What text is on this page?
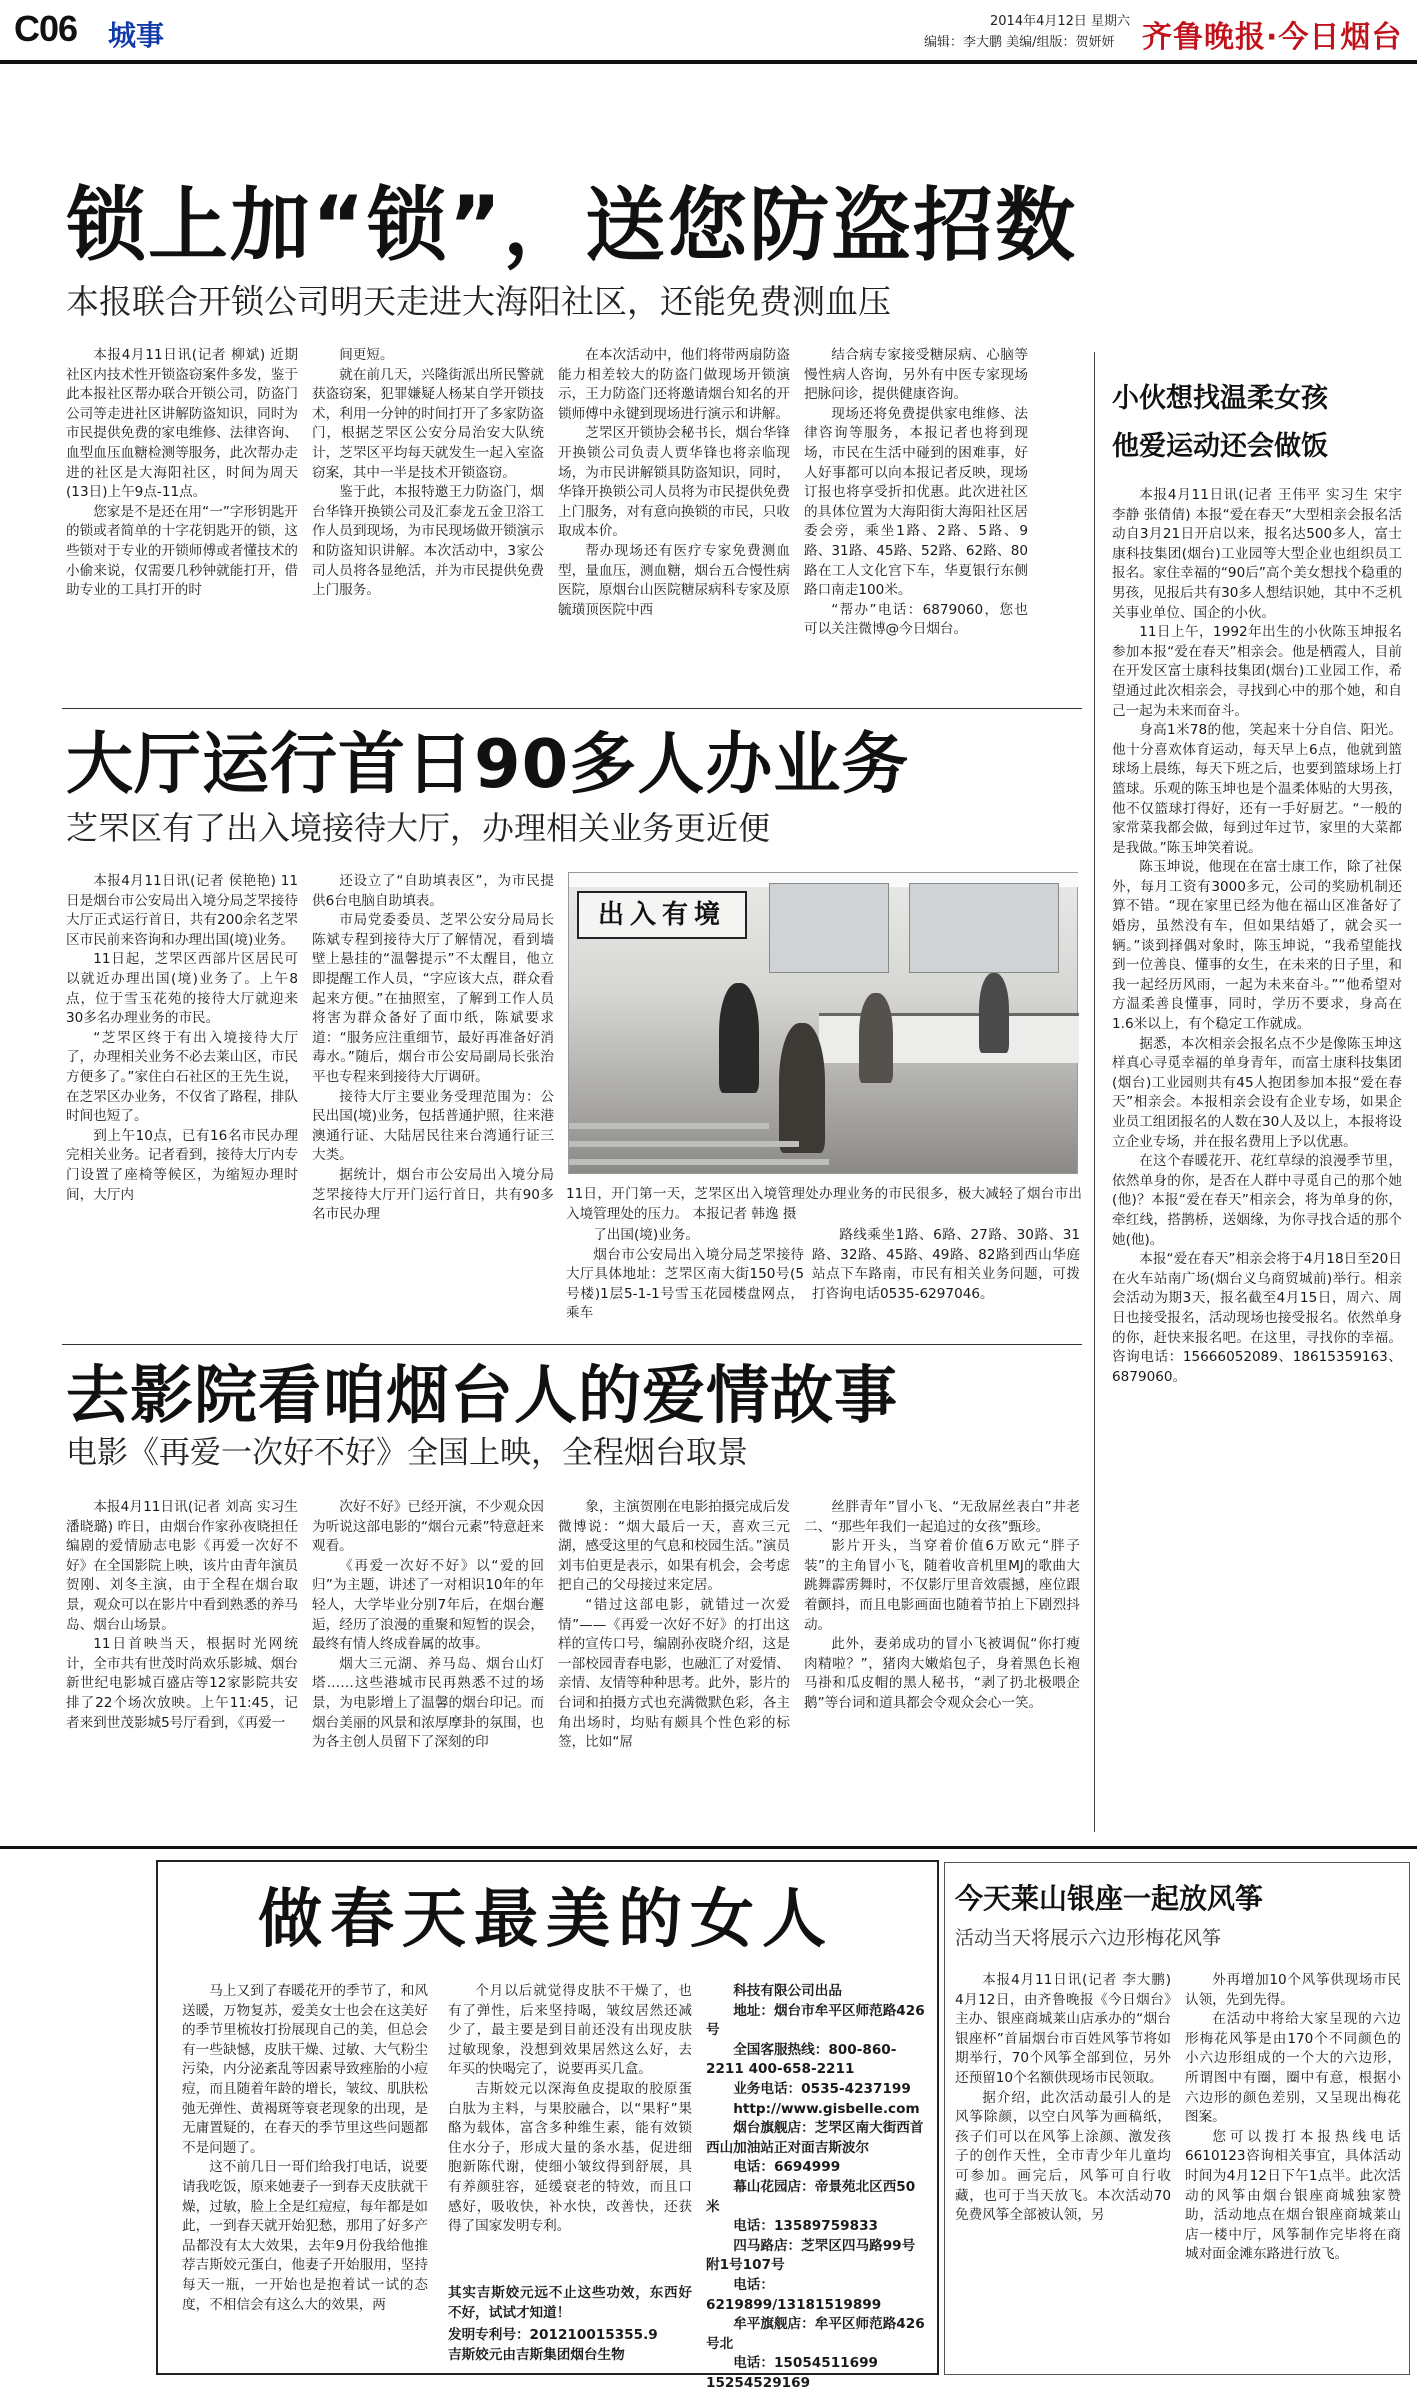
C06 城事	2014年4月12日 星期六
编辑：李大鹏 美编/组版：贺妍妍 齐鲁晚报·今日烟台
锁上加“锁”，送您防盗招数
本报联合开锁公司明天走进大海阳社区，还能免费测血压

本报4月11日讯(记者 柳斌) 近期社区内技术性开锁盗窃案件多发，鉴于此本报社区帮办联合开锁公司，防盗门公司等走进社区讲解防盗知识，同时为市民提供免费的家电维修、法律咨询、血型血压血糖检测等服务，此次帮办走进的社区是大海阳社区，时间为周天(13日)上午9点-11点。

您家是不是还在用“一”字形钥匙开的锁或者简单的十字花钥匙开的锁，这些锁对于专业的开锁师傅或者懂技术的小偷来说，仅需要几秒钟就能打开，借助专业的工具打开的时

间更短。

就在前几天，兴隆街派出所民警就获盗窃案，犯罪嫌疑人杨某自学开锁技术，利用一分钟的时间打开了多家防盗门，根据芝罘区公安分局治安大队统计，芝罘区平均每天就发生一起入室盗窃案，其中一半是技术开锁盗窃。

鉴于此，本报特邀王力防盗门，烟台华锋开换锁公司及汇泰龙五金卫浴工作人员到现场，为市民现场做开锁演示和防盗知识讲解。本次活动中，3家公司人员将各显绝活，并为市民提供免费上门服务。

在本次活动中，他们将带两扇防盗能力相差较大的防盗门做现场开锁演示，王力防盗门还将邀请烟台知名的开锁师傅中永键到现场进行演示和讲解。

芝罘区开锁协会秘书长，烟台华锋开换锁公司负责人贾华锋也将亲临现场，为市民讲解锁具防盗知识，同时，华锋开换锁公司人员将为市民提供免费上门服务，对有意向换锁的市民，只收取成本价。

帮办现场还有医疗专家免费测血型，量血压，测血糖，烟台五合慢性病医院，原烟台山医院糖尿病科专家及原毓璜顶医院中西

结合病专家接受糖尿病、心脑等慢性病人咨询，另外有中医专家现场把脉问诊，提供健康咨询。

现场还将免费提供家电维修、法律咨询等服务，本报记者也将到现场，市民在生活中碰到的困难事，好人好事都可以向本报记者反映，现场订报也将享受折扣优惠。此次进社区的具体位置为大海阳街大海阳社区居委会旁，乘坐1路、2路、5路、9路、31路、45路、52路、62路、80路在工人文化宫下车，华夏银行东侧路口南走100米。

“帮办”电话：6879060，您也可以关注微博@今日烟台。

小伙想找温柔女孩
他爱运动还会做饭

本报4月11日讯(记者 王伟平 实习生 宋宇 李静 张倩倩) 本报“爱在春天”大型相亲会报名活动自3月21日开启以来，报名达500多人，富士康科技集团(烟台)工业园等大型企业也组织员工报名。家住幸福的“90后”高个美女想找个稳重的男孩，见报后共有30多人想结识她，其中不乏机关事业单位、国企的小伙。

11日上午，1992年出生的小伙陈玉坤报名参加本报“爱在春天”相亲会。他是栖霞人，目前在开发区富士康科技集团(烟台)工业园工作，希望通过此次相亲会，寻找到心中的那个她，和自己一起为未来而奋斗。

身高1米78的他，笑起来十分自信、阳光。他十分喜欢体育运动，每天早上6点，他就到篮球场上晨练，每天下班之后，也要到篮球场上打篮球。乐观的陈玉坤也是个温柔体贴的大男孩，他不仅篮球打得好，还有一手好厨艺。“一般的家常菜我都会做，每到过年过节，家里的大菜都是我做。”陈玉坤笑着说。

陈玉坤说，他现在在富士康工作，除了社保外，每月工资有3000多元，公司的奖励机制还算不错。“现在家里已经为他在福山区准备好了婚房，虽然没有车，但如果结婚了，就会买一辆。”谈到择偶对象时，陈玉坤说，“我希望能找到一位善良、懂事的女生，在未来的日子里，和我一起经历风雨，一起为未来奋斗。”“他希望对方温柔善良懂事，同时，学历不要求，身高在1.6米以上，有个稳定工作就成。

据悉，本次相亲会报名点不少是像陈玉坤这样真心寻觅幸福的单身青年，而富士康科技集团(烟台)工业园则共有45人抱团参加本报“爱在春天”相亲会。本报相亲会设有企业专场，如果企业员工组团报名的人数在30人及以上，本报将设立企业专场，并在报名费用上予以优惠。

在这个春暖花开、花红草绿的浪漫季节里，依然单身的你，是否在人群中寻觅自己的那个她(他)？本报“爱在春天”相亲会，将为单身的你，牵红线，搭鹊桥，送姻缘，为你寻找合适的那个她(他)。

本报“爱在春天”相亲会将于4月18日至20日在火车站南广场(烟台义乌商贸城前)举行。相亲会活动为期3天，报名截至4月15日，周六、周日也接受报名，活动现场也接受报名。依然单身的你，赶快来报名吧。在这里，寻找你的幸福。咨询电话：15666052089、18615359163、6879060。

大厅运行首日90多人办业务
芝罘区有了出入境接待大厅，办理相关业务更近便

本报4月11日讯(记者 侯艳艳) 11日是烟台市公安局出入境分局芝罘接待大厅正式运行首日，共有200余名芝罘区市民前来咨询和办理出国(境)业务。

11日起，芝罘区西部片区居民可以就近办理出国(境)业务了。上午8点，位于雪玉花苑的接待大厅就迎来30多名办理业务的市民。

“芝罘区终于有出入境接待大厅了，办理相关业务不必去莱山区，市民方便多了。”家住白石社区的王先生说，在芝罘区办业务，不仅省了路程，排队时间也短了。

到上午10点，已有16名市民办理完相关业务。记者看到，接待大厅内专门设置了座椅等候区，为缩短办理时间，大厅内

还设立了“自助填表区”，为市民提供6台电脑自助填表。

市局党委委员、芝罘公安分局局长陈斌专程到接待大厅了解情况，看到墙壁上悬挂的“温馨提示”不太醒目，他立即提醒工作人员，“字应该大点，群众看起来方便。”在抽照室，了解到工作人员将害为群众备好了面巾纸，陈斌要求道：“服务应注重细节，最好再准备好消毒水。”随后，烟台市公安局副局长张治平也专程来到接待大厅调研。

接待大厅主要业务受理范围为：公民出国(境)业务，包括普通护照，往来港澳通行证、大陆居民往来台湾通行证三大类。

据统计，烟台市公安局出入境分局芝罘接待大厅开门运行首日，共有90多名市民办理

出入有境
11日，开门第一天，芝罘区出入境管理处办理业务的市民很多，极大减轻了烟台市出入境管理处的压力。 本报记者 韩逸 摄

了出国(境)业务。

烟台市公安局出入境分局芝罘接待大厅具体地址：芝罘区南大街150号(5号楼)1层5-1-1号雪玉花园楼盘网点，乘车

路线乘坐1路、6路、27路、30路、31路、32路、45路、49路、82路到西山华庭站点下车路南，市民有相关业务问题，可拨打咨询电话0535-6297046。

去影院看咱烟台人的爱情故事
电影《再爱一次好不好》全国上映，全程烟台取景

本报4月11日讯(记者 刘高 实习生 潘晓璐) 昨日，由烟台作家孙夜晓担任编剧的爱情励志电影《再爱一次好不好》在全国影院上映，该片由青年演员贺刚、刘冬主演，由于全程在烟台取景，观众可以在影片中看到熟悉的养马岛、烟台山场景。

11日首映当天，根据时光网统计，全市共有世茂时尚欢乐影城、烟台新世纪电影城百盛店等12家影院共安排了22个场次放映。上午11:45，记者来到世茂影城5号厅看到，《再爱一

次好不好》已经开演，不少观众因为听说这部电影的“烟台元素”特意赶来观看。

《再爱一次好不好》以“爱的回归”为主题，讲述了一对相识10年的年轻人，大学毕业分别7年后，在烟台邂逅，经历了浪漫的重聚和短暂的误会，最终有情人终成眷属的故事。

烟大三元湖、养马岛、烟台山灯塔……这些港城市民再熟悉不过的场景，为电影增上了温馨的烟台印记。而烟台美丽的风景和浓厚摩卦的氛围，也为各主创人员留下了深刻的印

象，主演贺刚在电影拍摄完成后发微博说：“烟大最后一天，喜欢三元湖，感受这里的气息和校园生活。”演员刘韦伯更是表示，如果有机会，会考虑把自己的父母接过来定居。

“错过这部电影，就错过一次爱情”——《再爱一次好不好》的打出这样的宣传口号，编剧孙夜晓介绍，这是一部校园青春电影，也融汇了对爱情、亲情、友情等种种思考。此外，影片的台词和拍摄方式也充满微默色彩，各主角出场时，均贴有颇具个性色彩的标签，比如“屌

丝胖青年”冒小飞、“无敌屌丝表白”井老二、“那些年我们一起追过的女孩”甄珍。

影片开头，当穿着价值6万欧元“胖子装”的主角冒小飞，随着收音机里MJ的歌曲大跳舞霹雳舞时，不仅影厅里音效震撼，座位跟着颤抖，而且电影画面也随着节拍上下剧烈抖动。

此外，妻弟成功的冒小飞被调侃“你打瘦肉精啦？”，猪肉大嫩焰包子，身着黑色长袍马褂和瓜皮帽的黑人秘书，“剥了扔北极喂企鹅”等台词和道具都会令观众会心一笑。

做春天最美的女人

马上又到了春暖花开的季节了，和风送暖，万物复苏，爱美女士也会在这美好的季节里梳妆打扮展现自己的美，但总会有一些缺憾，皮肤干燥、过敏、大气粉尘污染，内分泌紊乱等因素导致痤胎的小痘痘，而且随着年龄的增长，皱纹、肌肤松弛无弹性、黄褐斑等衰老现象的出现，是无庸置疑的，在春天的季节里这些问题都不是问题了。

这不前几日一哥们给我打电话，说要请我吃饭，原来她妻子一到春天皮肤就干燥，过敏，脸上全是红痘痘，每年都是如此，一到春天就开始犯愁，那用了好多产品都没有太大效果，去年9月份我给他推荐吉斯姣元蛋白，他妻子开始服用，坚持每天一瓶，一开始也是抱着试一试的态度，不相信会有这么大的效果，两

个月以后就觉得皮肤不干燥了，也有了弹性，后来坚持喝，皱纹居然还减少了，最主要是到目前还没有出现皮肤过敏现象，没想到效果居然这么好，去年买的快喝完了，说要再买几盒。

吉斯姣元以深海鱼皮提取的胶原蛋白肽为主料，与果胶融合，以“果籽”果酪为载体，富含多种维生素，能有效锁住水分子，形成大量的条水基，促进细胞新陈代谢，使细小皱纹得到舒展，具有养颜驻容，延缓衰老的特效，而且口感好，吸收快，补水快，改善快，还获得了国家发明专利。

其实吉斯姣元远不止这些功效，东西好不好，试试才知道！
发明专利号：201210015355.9
吉斯姣元由吉斯集团烟台生物

科技有限公司出品

地址：烟台市牟平区师范路426号

全国客服热线：800-860-2211 400-658-2211

业务电话：0535-4237199

http://www.gisbelle.com

烟台旗舰店：芝罘区南大街西首西山加油站正对面吉斯波尔

电话：6694999

幕山花园店：帝景苑北区西50米

电话：13589759833

四马路店：芝罘区四马路99号附1号107号

电话：6219899/13181519899

牟平旗舰店：牟平区师范路426号北

电话：15054511699 15254529169

今天莱山银座一起放风筝
活动当天将展示六边形梅花风筝

本报4月11日讯(记者 李大鹏) 4月12日，由齐鲁晚报《今日烟台》主办、银座商城莱山店承办的“烟台银座杯”首届烟台市百姓风筝节将如期举行，70个风筝全部到位，另外还预留10个名额供现场市民领取。

据介绍，此次活动最引人的是风筝除颜，以空白风筝为画稿纸，孩子们可以在风筝上涂颜、激发孩子的创作天性，全市青少年儿童均可参加。画完后，风筝可自行收藏，也可于当天放飞。本次活动70免费风筝全部被认领，另

外再增加10个风筝供现场市民认领，先到先得。

在活动中将给大家呈现的六边形梅花风筝是由170个不同颜色的小六边形组成的一个大的六边形，所谓图中有圈，圈中有意，根据小六边形的颜色差别，又呈现出梅花图案。

您可以拨打本报热线电话6610123咨询相关事宜，具体活动时间为4月12日下午1点半。此次活动的风筝由烟台银座商城独家赞助，活动地点在烟台银座商城莱山店一楼中厅，风筝制作完毕将在商城对面金滩东路进行放飞。
